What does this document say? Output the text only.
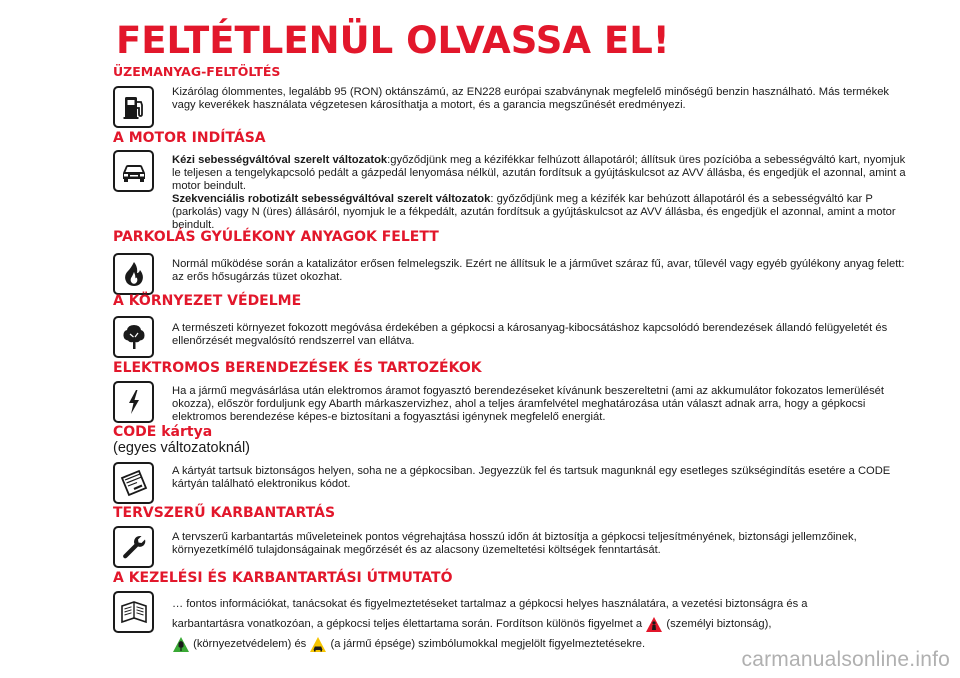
FELTÉTLENÜL OLVASSA EL!
ÜZEMANYAG-FELTÖLTÉS
Kizárólag ólommentes, legalább 95 (RON) oktánszámú, az EN228 európai szabványnak megfelelő minőségű benzin használható. Más termékek vagy keverékek használata végzetesen károsíthatja a motort, és a garancia megszűnését eredményezi.
A MOTOR INDÍTÁSA
Kézi sebességváltóval szerelt változatok:győződjünk meg a kézifékkar felhúzott állapotáról; állítsuk üres pozícióba a sebességváltó kart, nyomjuk le teljesen a tengelykapcsoló pedált a gázpedál lenyomása nélkül, azután fordítsuk a gyújtáskulcsot az AVV állásba, és engedjük el azonnal, amint a motor beindult.
Szekvenciális robotizált sebességváltóval szerelt változatok: győződjünk meg a kézifék kar behúzott állapotáról és a sebességváltó kar P (parkolás) vagy N (üres) állásáról, nyomjuk le a fékpedált, azután fordítsuk a gyújtáskulcsot az AVV állásba, és engedjük el azonnal, amint a motor beindult.
PARKOLÁS GYÚLÉKONY ANYAGOK FELETT
Normál működése során a katalizátor erősen felmelegszik. Ezért ne állítsuk le a járművet száraz fű, avar, tűlevél vagy egyéb gyúlékony anyag felett: az erős hősugárzás tüzet okozhat.
A KÖRNYEZET VÉDELME
A természeti környezet fokozott megóvása érdekében a gépkocsi a károsanyag-kibocsátáshoz kapcsolódó berendezések állandó felügyeletét és ellenőrzését megvalósító rendszerrel van ellátva.
ELEKTROMOS BERENDEZÉSEK ÉS TARTOZÉKOK
Ha a jármű megvásárlása után elektromos áramot fogyasztó berendezéseket kívánunk beszereltetni (ami az akkumulátor fokozatos lemerülését okozza), először forduljunk egy Abarth márkaszervizhez, ahol a teljes áramfelvétel meghatározása után választ adnak arra, hogy a gépkocsi elektromos berendezése képes-e biztosítani a fogyasztási igénynek megfelelő energiát.
CODE kártya
(egyes változatoknál)
A kártyát tartsuk biztonságos helyen, soha ne a gépkocsiban. Jegyezzük fel és tartsuk magunknál egy esetleges szükségindítás esetére a CODE kártyán található elektronikus kódot.
TERVSZERŰ KARBANTARTÁS
A tervszerű karbantartás műveleteinek pontos végrehajtása hosszú időn át biztosítja a gépkocsi teljesítményének, biztonsági jellemzőinek, környezetkímélő tulajdonságainak megőrzését és az alacsony üzemeltetési költségek fenntartását.
A KEZELÉSI ÉS KARBANTARTÁSI ÚTMUTATÓ
… fontos információkat, tanácsokat és figyelmeztetéseket tartalmaz a gépkocsi helyes használatára, a vezetési biztonságra és a
karbantartásra vonatkozóan, a gépkocsi teljes élettartama során. Fordítson különös figyelmet a (személyi biztonság),
(környezetvédelem) és (a jármű épsége) szimbólumokkal megjelölt figyelmeztetésekre.
carmanualsonline.info
